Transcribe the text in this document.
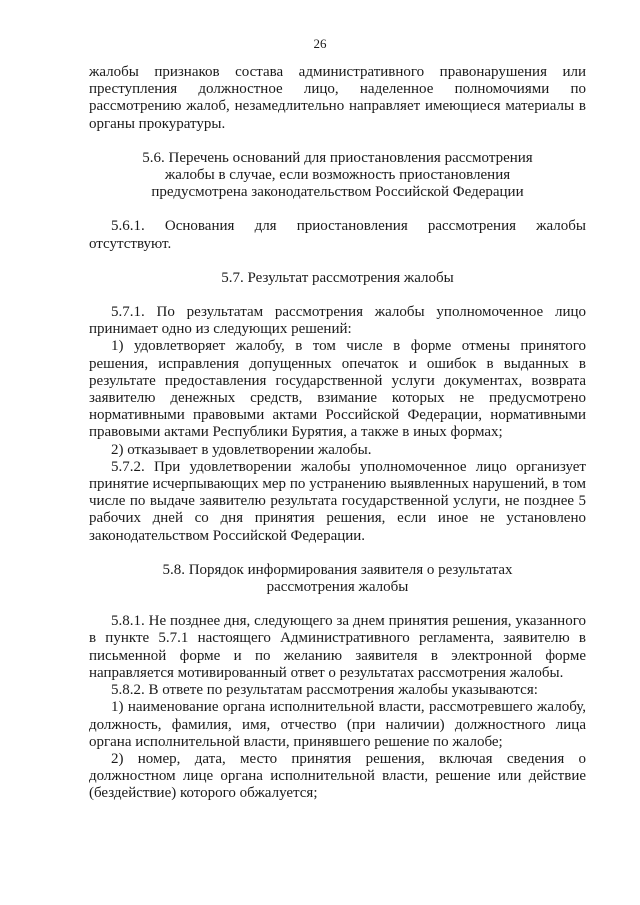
26

жалобы признаков состава административного правонарушения или преступления должностное лицо, наделенное полномочиями по рассмотрению жалоб, незамедлительно направляет имеющиеся материалы в органы прокуратуры.

5.6. Перечень оснований для приостановления рассмотрения жалобы в случае, если возможность приостановления предусмотрена законодательством Российской Федерации

5.6.1. Основания для приостановления рассмотрения жалобы отсутствуют.

5.7. Результат рассмотрения жалобы

5.7.1. По результатам рассмотрения жалобы уполномоченное лицо принимает одно из следующих решений:

1) удовлетворяет жалобу, в том числе в форме отмены принятого решения, исправления допущенных опечаток и ошибок в выданных в результате предоставления государственной услуги документах, возврата заявителю денежных средств, взимание которых не предусмотрено нормативными правовыми актами Российской Федерации, нормативными правовыми актами Республики Бурятия, а также в иных формах;

2) отказывает в удовлетворении жалобы.

5.7.2. При удовлетворении жалобы уполномоченное лицо организует принятие исчерпывающих мер по устранению выявленных нарушений, в том числе по выдаче заявителю результата государственной услуги, не позднее 5 рабочих дней со дня принятия решения, если иное не установлено законодательством Российской Федерации.

5.8. Порядок информирования заявителя о результатах рассмотрения жалобы

5.8.1. Не позднее дня, следующего за днем принятия решения, указанного в пункте 5.7.1 настоящего Административного регламента, заявителю в письменной форме и по желанию заявителя в электронной форме направляется мотивированный ответ о результатах рассмотрения жалобы.

5.8.2. В ответе по результатам рассмотрения жалобы указываются:

1) наименование органа исполнительной власти, рассмотревшего жалобу, должность, фамилия, имя, отчество (при наличии) должностного лица органа исполнительной власти, принявшего решение по жалобе;

2) номер, дата, место принятия решения, включая сведения о должностном лице органа исполнительной власти, решение или действие (бездействие) которого обжалуется;
